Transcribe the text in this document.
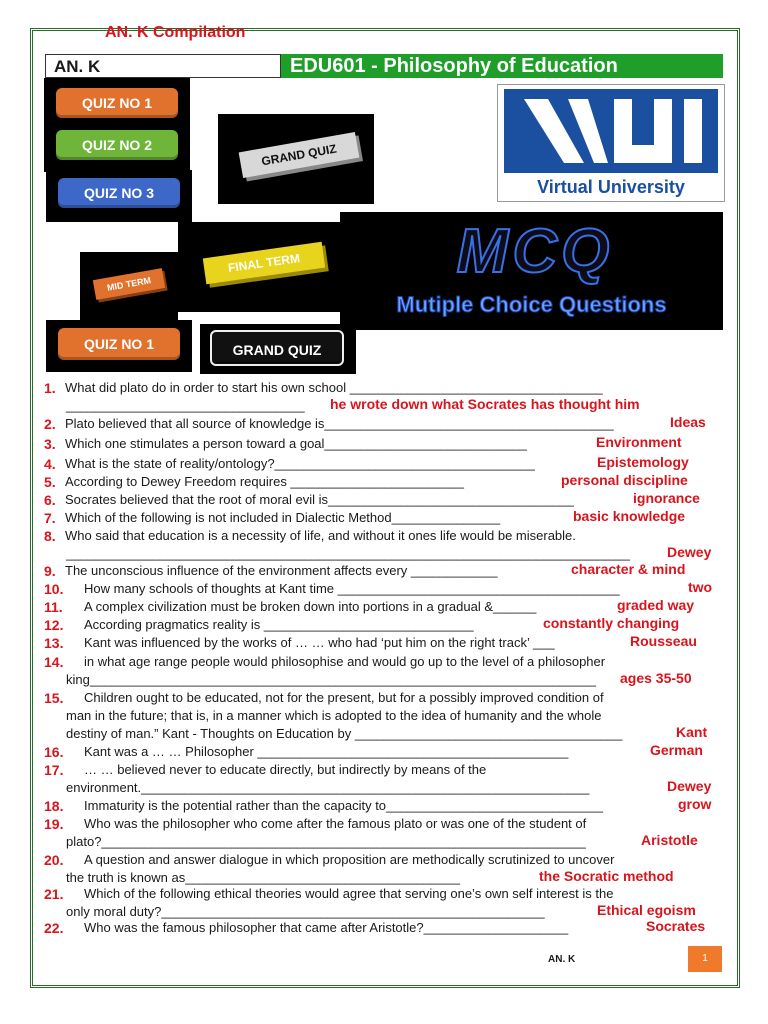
AN. K Compilation
AN. K	EDU601 - Philosophy of Education
QUIZ NO 1
QUIZ NO 2
QUIZ NO 3
GRAND QUIZ
FINAL TERM
MID TERM
Virtual University
MCQ
Mutiple Choice Questions
QUIZ NO 1	GRAND QUIZ
1. What did plato do in order to start his own school ___________________________________
_________________________________ he wrote down what Socrates has thought him
2. Plato believed that all source of knowledge is________________________________________	Ideas
3. Which one stimulates a person toward a goal____________________________	Environment
4. What is the state of reality/ontology?____________________________________	Epistemology
5. According to Dewey Freedom requires ________________________	personal discipline
6. Socrates believed that the root of moral evil is__________________________________	ignorance
7. Which of the following is not included in Dialectic Method_______________	basic knowledge
8. Who said that education is a necessity of life, and without it ones life would be miserable.
______________________________________________________________________________	Dewey
9. The unconscious influence of the environment affects every ____________	character & mind
10. How many schools of thoughts at Kant time _______________________________________	two
11. A complex civilization must be broken down into portions in a gradual &______	graded way
12. According pragmatics reality is _____________________________	constantly changing
13. Kant was influenced by the works of … … who had ‘put him on the right track’ ___	Rousseau
14. in what age range people would philosophise and would go up to the level of a philosopher
king______________________________________________________________________ ages 35-50
15. Children ought to be educated, not for the present, but for a possibly improved condition of
man in the future; that is, in a manner which is adopted to the idea of humanity and the whole
destiny of man.” Kant - Thoughts on Education by _____________________________________	Kant
16. Kant was a … … Philosopher ___________________________________________	German
17. … … believed never to educate directly, but indirectly by means of the
environment.______________________________________________________________	Dewey
18. Immaturity is the potential rather than the capacity to______________________________	grow
19. Who was the philosopher who come after the famous plato or was one of the student of
plato?___________________________________________________________________	Aristotle
20. A question and answer dialogue in which proposition are methodically scrutinized to uncover
the truth is known as______________________________________	the Socratic method
21. Which of the following ethical theories would agree that serving one’s own self interest is the
only moral duty?_____________________________________________________	Ethical egoism
22. Who was the famous philosopher that came after Aristotle?____________________	Socrates
AN. K	1
